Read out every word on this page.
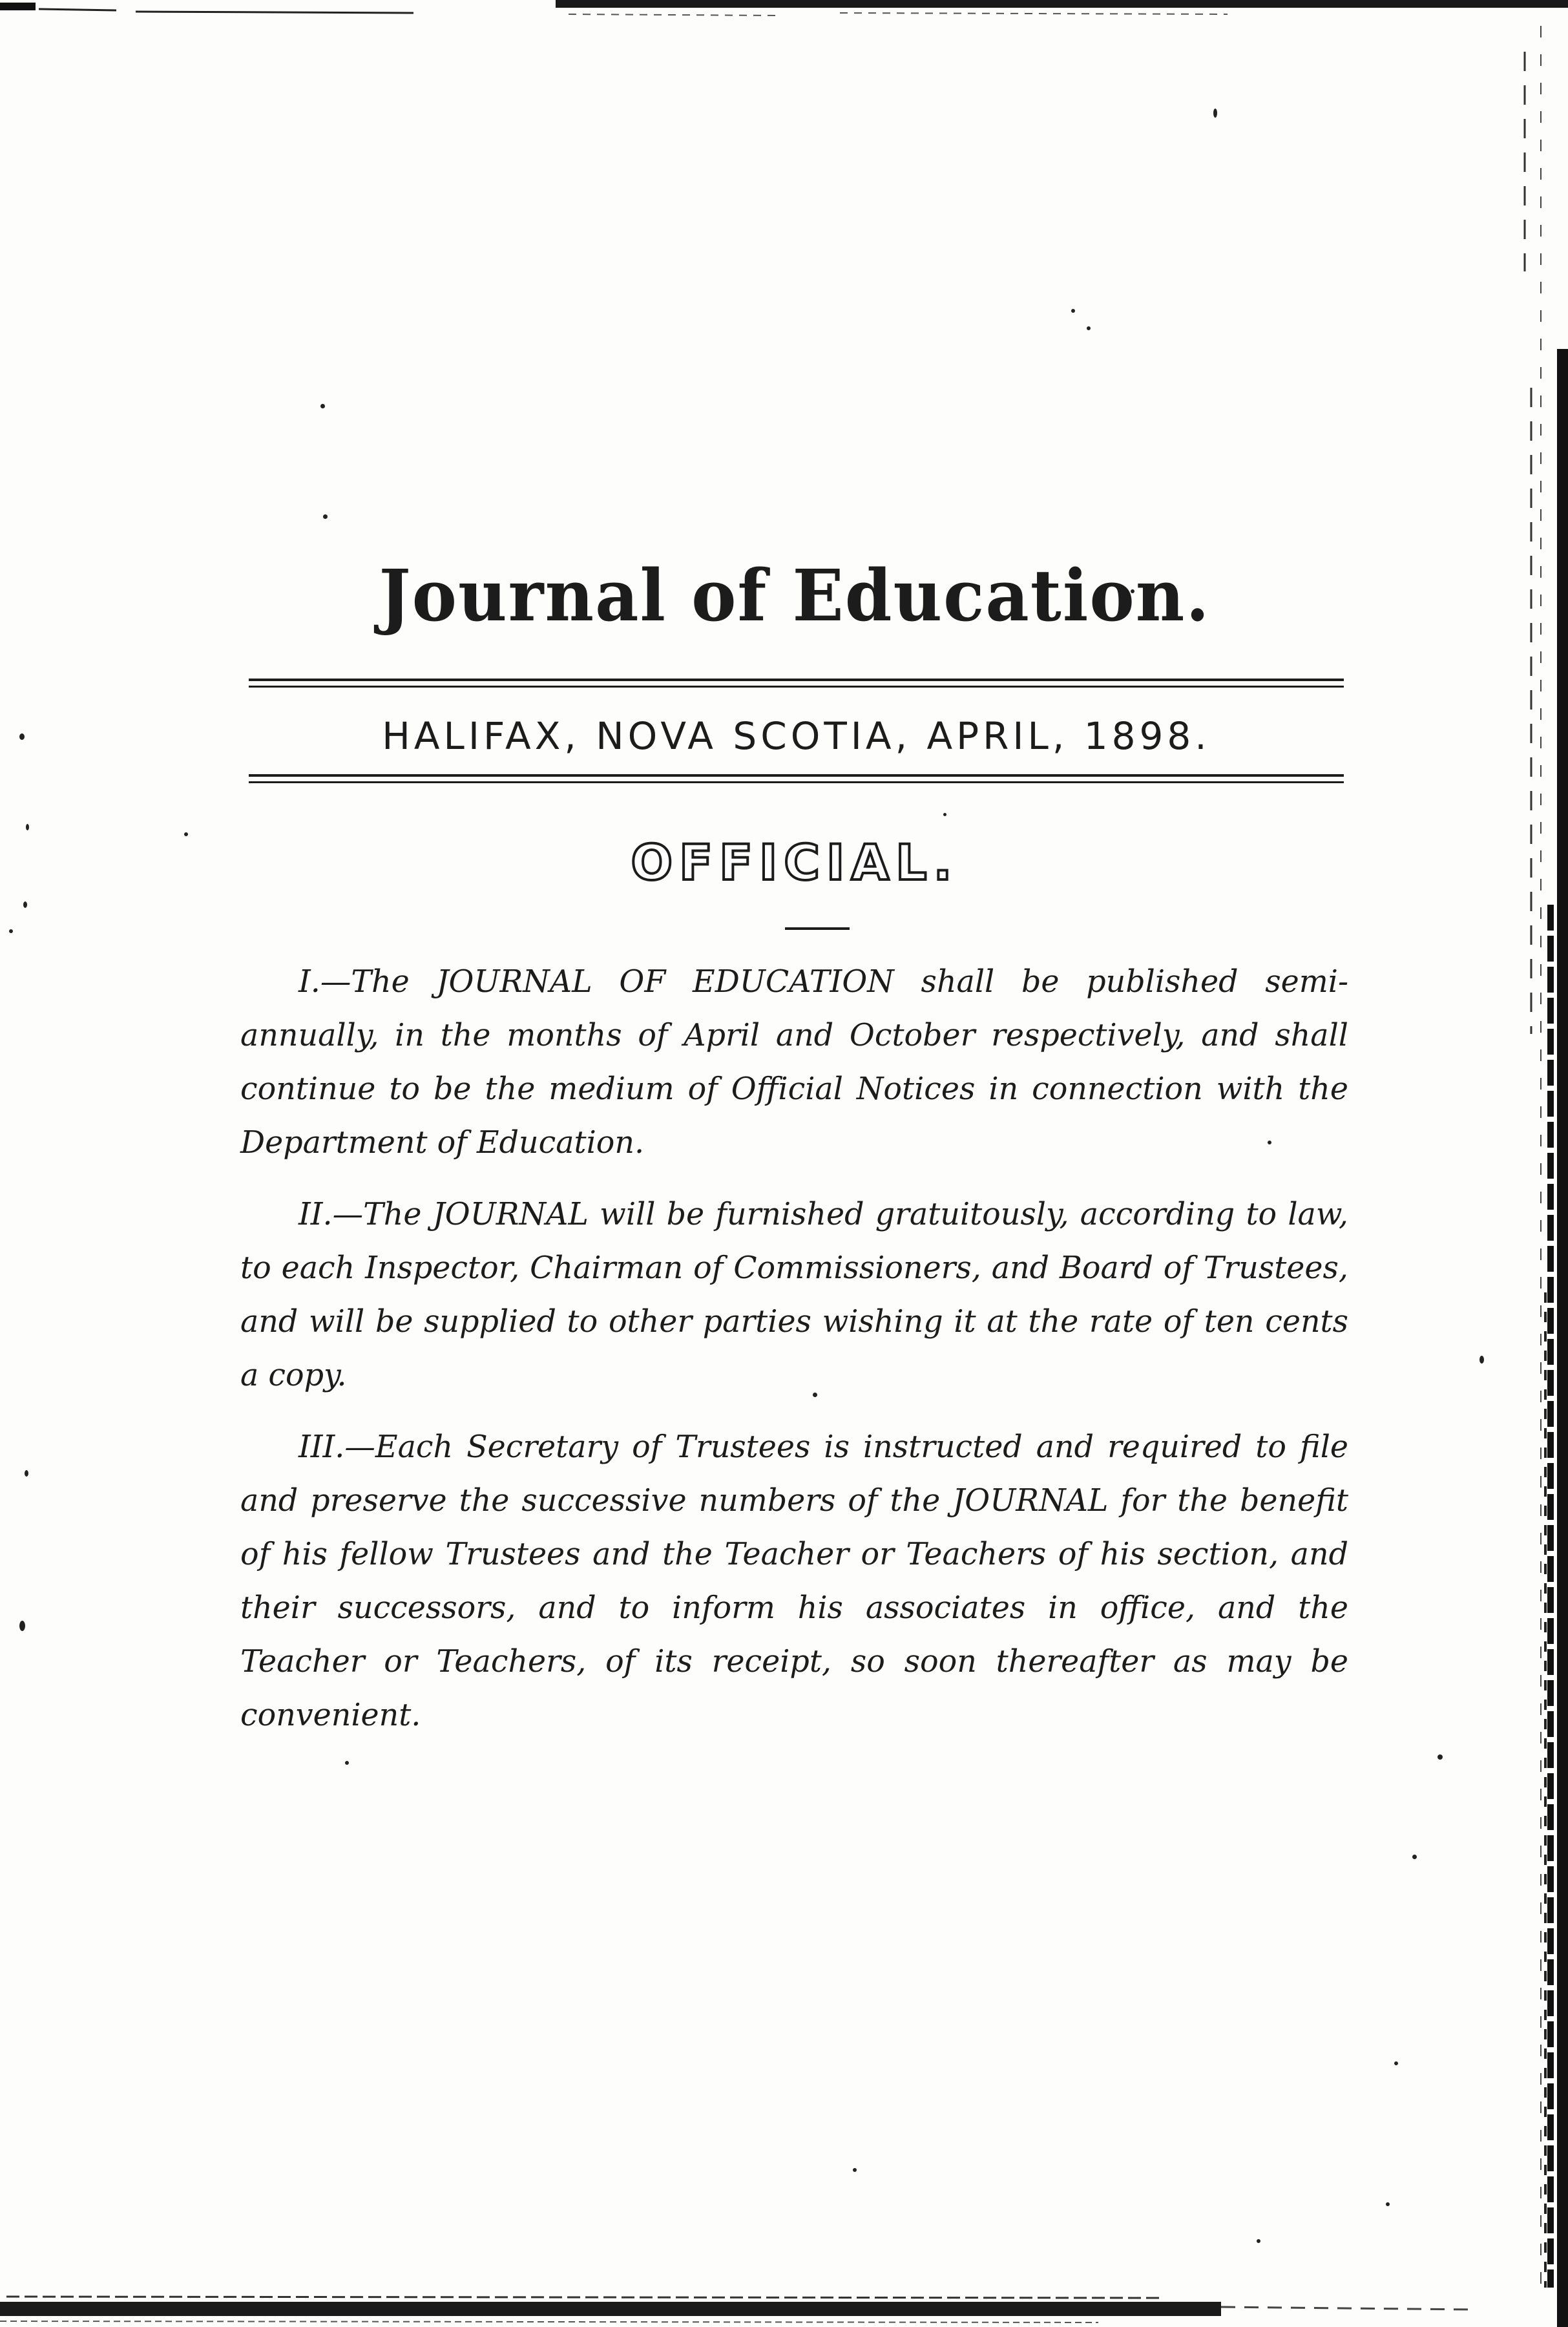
Journal of Education.
HALIFAX, NOVA SCOTIA, APRIL, 1898.
OFFICIAL.

I.—The JOURNAL OF EDUCATION shall be published semi-annually, in the months of April and October respectively, and shall continue to be the medium of Official Notices in connection with the Department of Education.

II.—The JOURNAL will be furnished gratuitously, according to law, to each Inspector, Chairman of Commissioners, and Board of Trustees, and will be supplied to other parties wishing it at the rate of ten cents a copy.

III.—Each Secretary of Trustees is instructed and required to file and preserve the successive numbers of the JOURNAL for the benefit of his fellow Trustees and the Teacher or Teachers of his section, and their successors, and to inform his associates in office, and the Teacher or Teachers, of its receipt, so soon thereafter as may be convenient.
